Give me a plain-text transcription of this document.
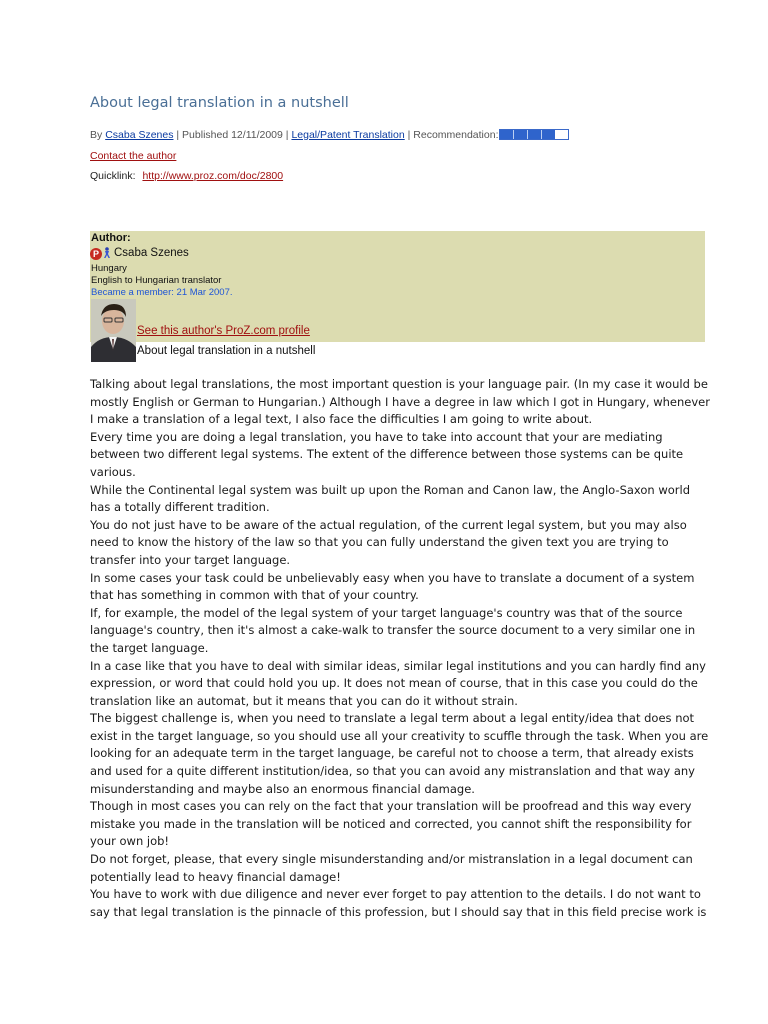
About legal translation in a nutshell
By Csaba Szenes | Published 12/11/2009 | Legal/Patent Translation | Recommendation:
Contact the author
Quicklink: http://www.proz.com/doc/2800
Author:
P Csaba Szenes
Hungary
English to Hungarian translator
Became a member: 21 Mar 2007.
See this author's ProZ.com profile
About legal translation in a nutshell

Talking about legal translations, the most important question is your language pair. (In my case it would be mostly English or German to Hungarian.) Although I have a degree in law which I got in Hungary, whenever I make a translation of a legal text, I also face the difficulties I am going to write about.

Every time you are doing a legal translation, you have to take into account that your are mediating between two different legal systems. The extent of the difference between those systems can be quite various.

While the Continental legal system was built up upon the Roman and Canon law, the Anglo-Saxon world has a totally different tradition.

You do not just have to be aware of the actual regulation, of the current legal system, but you may also need to know the history of the law so that you can fully understand the given text you are trying to transfer into your target language.

In some cases your task could be unbelievably easy when you have to translate a document of a system that has something in common with that of your country.

If, for example, the model of the legal system of your target language's country was that of the source language's country, then it's almost a cake-walk to transfer the source document to a very similar one in the target language.

In a case like that you have to deal with similar ideas, similar legal institutions and you can hardly find any expression, or word that could hold you up. It does not mean of course, that in this case you could do the translation like an automat, but it means that you can do it without strain.

The biggest challenge is, when you need to translate a legal term about a legal entity/idea that does not exist in the target language, so you should use all your creativity to scuffle through the task. When you are looking for an adequate term in the target language, be careful not to choose a term, that already exists and used for a quite different institution/idea, so that you can avoid any mistranslation and that way any misunderstanding and maybe also an enormous financial damage.

Though in most cases you can rely on the fact that your translation will be proofread and this way every mistake you made in the translation will be noticed and corrected, you cannot shift the responsibility for your own job!

Do not forget, please, that every single misunderstanding and/or mistranslation in a legal document can potentially lead to heavy financial damage!

You have to work with due diligence and never ever forget to pay attention to the details. I do not want to say that legal translation is the pinnacle of this profession, but I should say that in this field precise work is
